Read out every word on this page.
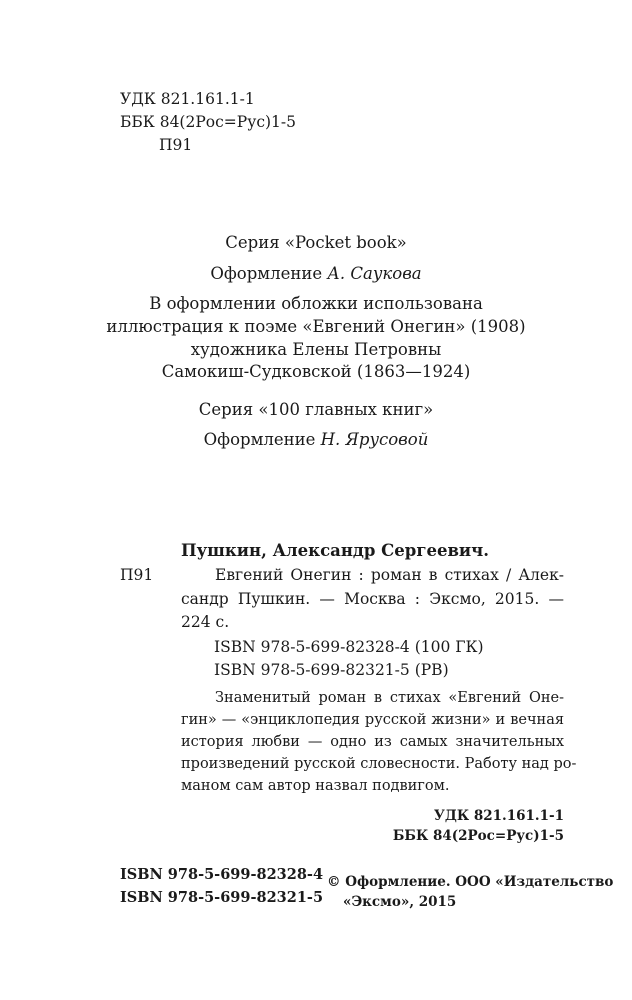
УДК 821.161.1-1
ББК 84(2Рос=Рус)1-5
П91
Серия «Pocket book»
Оформление А. Саукова
В оформлении обложки использована
иллюстрация к поэме «Евгений Онегин» (1908)
художника Елены Петровны
Самокиш-Судковской (1863—1924)
Серия «100 главных книг»
Оформление Н. Ярусовой
Пушкин, Александр Сергеевич.
П91	Евгений Онегин : роман в стихах / Алек-
сандр Пушкин. — Москва : Эксмо, 2015. —
224 с.
ISBN 978-5-699-82328-4 (100 ГК)
ISBN 978-5-699-82321-5 (РВ)
Знаменитый роман в стихах «Евгений Оне-
гин» — «энциклопедия русской жизни» и вечная
история любви — одно из самых значительных
произведений русской словесности. Работу над ро-
маном сам автор назвал подвигом.
УДК 821.161.1-1
ББК 84(2Рос=Рус)1-5
ISBN 978-5-699-82328-4
ISBN 978-5-699-82321-5
© Оформление. ООО «Издательство
«Эксмо», 2015
